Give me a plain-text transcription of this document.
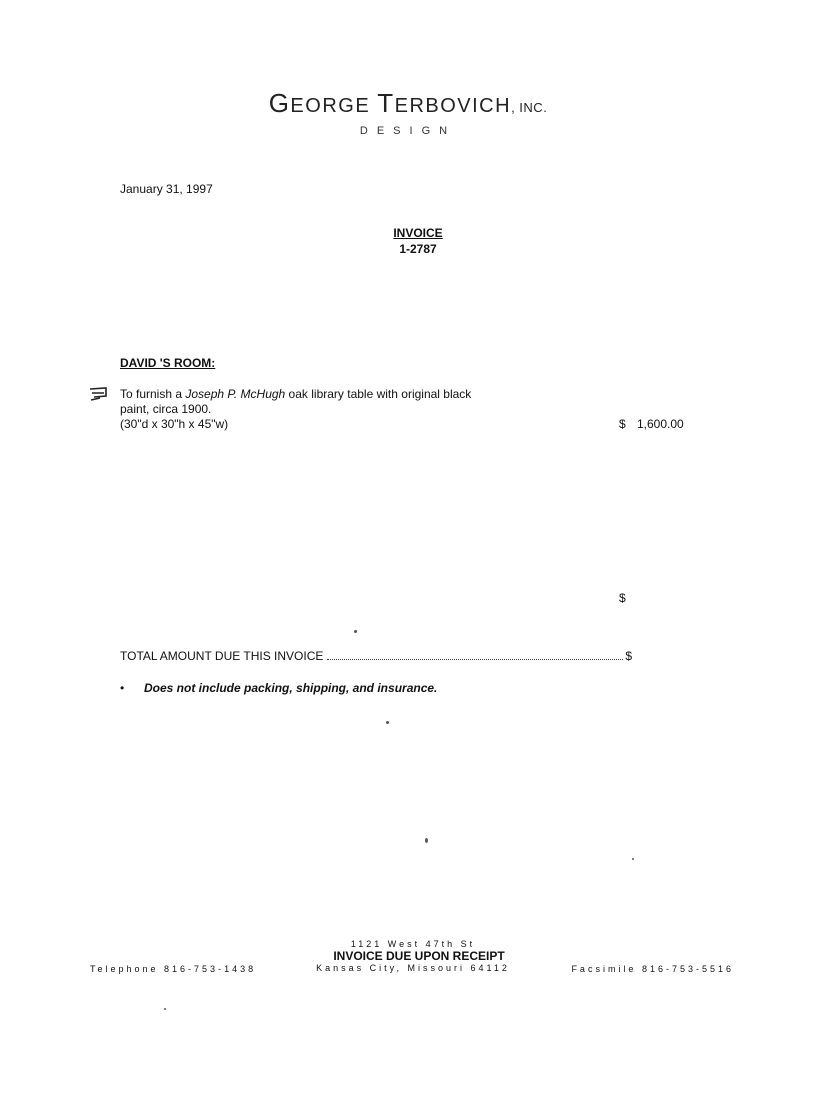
GEORGE TERBOVICH, INC.
DESIGN
January 31, 1997
INVOICE
1-2787
DAVID 'S ROOM:
To furnish a Joseph P. McHugh oak library table with original black
paint, circa 1900.
(30"d x 30"h x 45"w)	$ 1,600.00
$
TOTAL AMOUNT DUE THIS INVOICE	$
• Does not include packing, shipping, and insurance.
1121 West 47th St
INVOICE DUE UPON RECEIPT
Kansas City, Missouri 64112
Telephone 816-753-1438	Facsimile 816-753-5516
